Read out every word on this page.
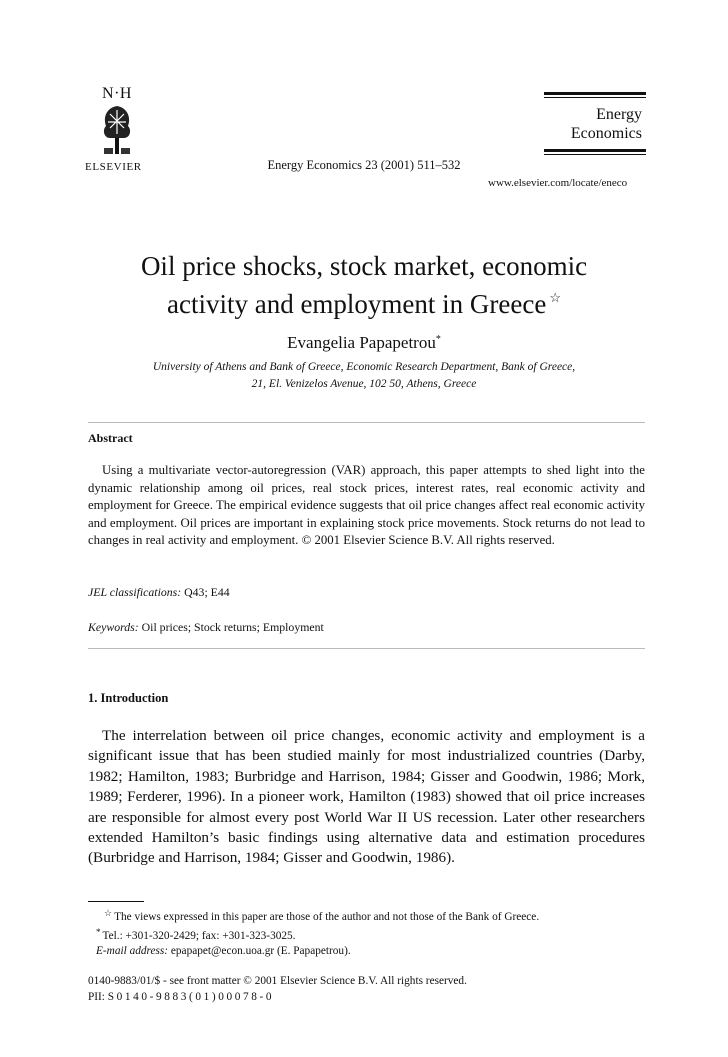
N·H
ELSEVIER	Energy Economics 23 (2001) 511–532
Energy
Economics
www.elsevier.com/locate/eneco
Oil price shocks, stock market, economic
activity and employment in Greece ☆
Evangelia Papapetrou*
University of Athens and Bank of Greece, Economic Research Department, Bank of Greece,
21, El. Venizelos Avenue, 102 50, Athens, Greece
Abstract

Using a multivariate vector-autoregression (VAR) approach, this paper attempts to shed light into the dynamic relationship among oil prices, real stock prices, interest rates, real economic activity and employment for Greece. The empirical evidence suggests that oil price changes affect real economic activity and employment. Oil prices are important in explaining stock price movements. Stock returns do not lead to changes in real activity and employment. © 2001 Elsevier Science B.V. All rights reserved.

JEL classifications: Q43; E44
Keywords: Oil prices; Stock returns; Employment
1. Introduction

The interrelation between oil price changes, economic activity and employment is a significant issue that has been studied mainly for most industrialized countries (Darby, 1982; Hamilton, 1983; Burbridge and Harrison, 1984; Gisser and Goodwin, 1986; Mork, 1989; Ferderer, 1996). In a pioneer work, Hamilton (1983) showed that oil price increases are responsible for almost every post World War II US recession. Later other researchers extended Hamilton’s basic findings using alternative data and estimation procedures (Burbridge and Harrison, 1984; Gisser and Goodwin, 1986).

☆ The views expressed in this paper are those of the author and not those of the Bank of Greece.
* Tel.: +301-320-2429; fax: +301-323-3025.
E-mail address: epapapet@econ.uoa.gr (E. Papapetrou).
0140-9883/01/$ - see front matter © 2001 Elsevier Science B.V. All rights reserved.
PII: S0140-9883(01)00078-0
